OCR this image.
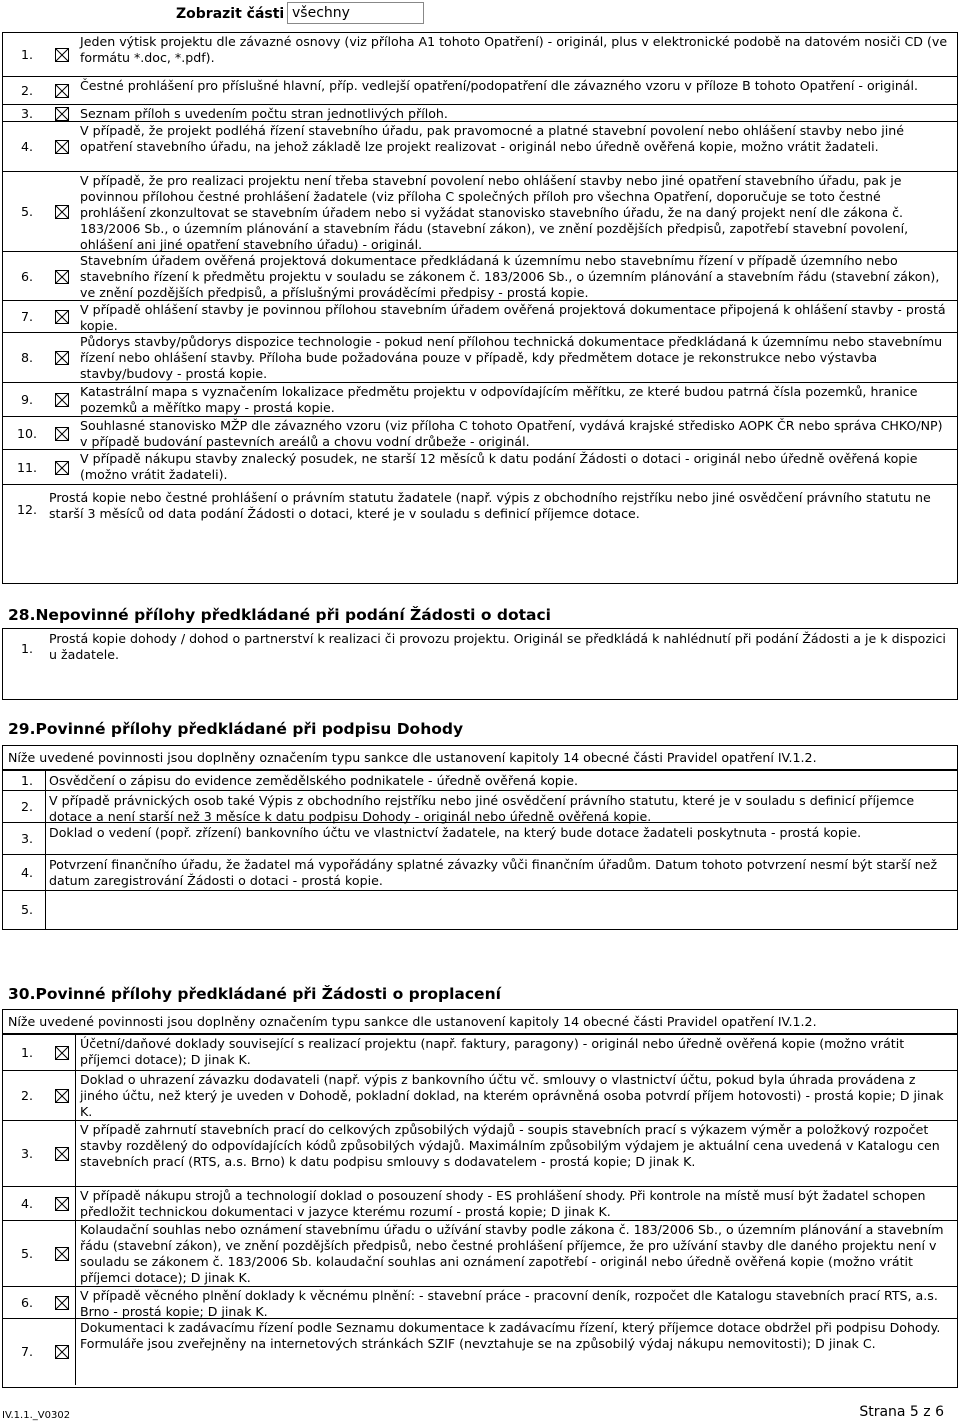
Zobrazit části všechny
1.
Jeden výtisk projektu dle závazné osnovy (viz příloha A1 tohoto Opatření) - originál, plus v elektronické podobě na datovém nosiči CD (ve formátu *.doc, *.pdf).
2.	Čestné prohlášení pro příslušné hlavní, příp. vedlejší opatření/podopatření dle závazného vzoru v příloze B tohoto Opatření - originál.
3.	Seznam příloh s uvedením počtu stran jednotlivých příloh.
4.
V případě, že projekt podléhá řízení stavebního úřadu, pak pravomocné a platné stavební povolení nebo ohlášení stavby nebo jiné opatření stavebního úřadu, na jehož základě lze projekt realizovat - originál nebo úředně ověřená kopie, možno vrátit žadateli.
5.
V případě, že pro realizaci projektu není třeba stavební povolení nebo ohlášení stavby nebo jiné opatření stavebního úřadu, pak je povinnou přílohou čestné prohlášení žadatele (viz příloha C společných příloh pro všechna Opatření, doporučuje se toto čestné prohlášení zkonzultovat se stavebním úřadem nebo si vyžádat stanovisko stavebního úřadu, že na daný projekt není dle zákona č. 183/2006 Sb., o územním plánování a stavebním řádu (stavební zákon), ve znění pozdějších předpisů, zapotřebí stavební povolení, ohlášení ani jiné opatření stavebního úřadu) - originál.
6.
Stavebním úřadem ověřená projektová dokumentace předkládaná k územnímu nebo stavebnímu řízení v případě územního nebo stavebního řízení k předmětu projektu v souladu se zákonem č. 183/2006 Sb., o územním plánování a stavebním řádu (stavební zákon), ve znění pozdějších předpisů, a příslušnými prováděcími předpisy - prostá kopie.
7.	V případě ohlášení stavby je povinnou přílohou stavebním úřadem ověřená projektová dokumentace připojená k ohlášení stavby - prostá kopie.
8.
Půdorys stavby/půdorys dispozice technologie - pokud není přílohou technická dokumentace předkládaná k územnímu nebo stavebnímu řízení nebo ohlášení stavby. Příloha bude požadována pouze v případě, kdy předmětem dotace je rekonstrukce nebo výstavba stavby/budovy - prostá kopie.
9.
Katastrální mapa s vyznačením lokalizace předmětu projektu v odpovídajícím měřítku, ze které budou patrná čísla pozemků, hranice pozemků a měřítko mapy - prostá kopie.
10.	Souhlasné stanovisko MŽP dle závazného vzoru (viz příloha C tohoto Opatření, vydává krajské středisko AOPK ČR nebo správa CHKO/NP) v případě budování pastevních areálů a chovu vodní drůbeže - originál.
11.
V případě nákupu stavby znalecký posudek, ne starší 12 měsíců k datu podání Žádosti o dotaci - originál nebo úředně ověřená kopie (možno vrátit žadateli).
12.
Prostá kopie nebo čestné prohlášení o právním statutu žadatele (např. výpis z obchodního rejstříku nebo jiné osvědčení právního statutu ne starší 3 měsíců od data podání Žádosti o dotaci, které je v souladu s definicí příjemce dotace.
28.Nepovinné přílohy předkládané při podání Žádosti o dotaci
1.
Prostá kopie dohody / dohod o partnerství k realizaci či provozu projektu. Originál se předkládá k nahlédnutí při podání Žádosti a je k dispozici u žadatele.
29.Povinné přílohy předkládané při podpisu Dohody
Níže uvedené povinnosti jsou doplněny označením typu sankce dle ustanovení kapitoly 14 obecné části Pravidel opatření IV.1.2.
1.	Osvědčení o zápisu do evidence zemědělského podnikatele - úředně ověřená kopie.
2.	V případě právnických osob také Výpis z obchodního rejstříku nebo jiné osvědčení právního statutu, které je v souladu s definicí příjemce dotace a není starší než 3 měsíce k datu podpisu Dohody - originál nebo úředně ověřená kopie.
3.	Doklad o vedení (popř. zřízení) bankovního účtu ve vlastnictví žadatele, na který bude dotace žadateli poskytnuta - prostá kopie.
4.
Potvrzení finančního úřadu, že žadatel má vypořádány splatné závazky vůči finančním úřadům. Datum tohoto potvrzení nesmí být starší než datum zaregistrování Žádosti o dotaci - prostá kopie.
5.
30.Povinné přílohy předkládané při Žádosti o proplacení
Níže uvedené povinnosti jsou doplněny označením typu sankce dle ustanovení kapitoly 14 obecné části Pravidel opatření IV.1.2.
1.
Účetní/daňové doklady související s realizací projektu (např. faktury, paragony) - originál nebo úředně ověřená kopie (možno vrátit příjemci dotace); D jinak K.
2.
Doklad o uhrazení závazku dodavateli (např. výpis z bankovního účtu vč. smlouvy o vlastnictví účtu, pokud byla úhrada provádena z jiného účtu, než který je uveden v Dohodě, pokladní doklad, na kterém oprávněná osoba potvrdí příjem hotovosti) - prostá kopie; D jinak K.
3.
V případě zahrnutí stavebních prací do celkových způsobilých výdajů - soupis stavebních prací s výkazem výměr a položkový rozpočet stavby rozdělený do odpovídajících kódů způsobilých výdajů. Maximálním způsobilým výdajem je aktuální cena uvedená v Katalogu cen stavebních prací (RTS, a.s. Brno) k datu podpisu smlouvy s dodavatelem - prostá kopie; D jinak K.
4.
V případě nákupu strojů a technologií doklad o posouzení shody - ES prohlášení shody. Při kontrole na místě musí být žadatel schopen předložit technickou dokumentaci v jazyce kterému rozumí - prostá kopie; D jinak K.
5.
Kolaudační souhlas nebo oznámení stavebnímu úřadu o užívání stavby podle zákona č. 183/2006 Sb., o územním plánování a stavebním řádu (stavební zákon), ve znění pozdějších předpisů, nebo čestné prohlášení příjemce, že pro užívání stavby dle daného projektu není v souladu se zákonem č. 183/2006 Sb. kolaudační souhlas ani oznámení zapotřebí - originál nebo úředně ověřená kopie (možno vrátit příjemci dotace); D jinak K.
6.	V případě věcného plnění doklady k věcnému plnění: - stavební práce - pracovní deník, rozpočet dle Katalogu stavebních prací RTS, a.s. Brno - prostá kopie; D jinak K.
7.
Dokumentaci k zadávacímu řízení podle Seznamu dokumentace k zadávacímu řízení, který příjemce dotace obdržel při podpisu Dohody. Formuláře jsou zveřejněny na internetových stránkách SZIF (nevztahuje se na způsobilý výdaj nákupu nemovitosti); D jinak C.
IV.1.1._V0302	Strana 5 z 6
